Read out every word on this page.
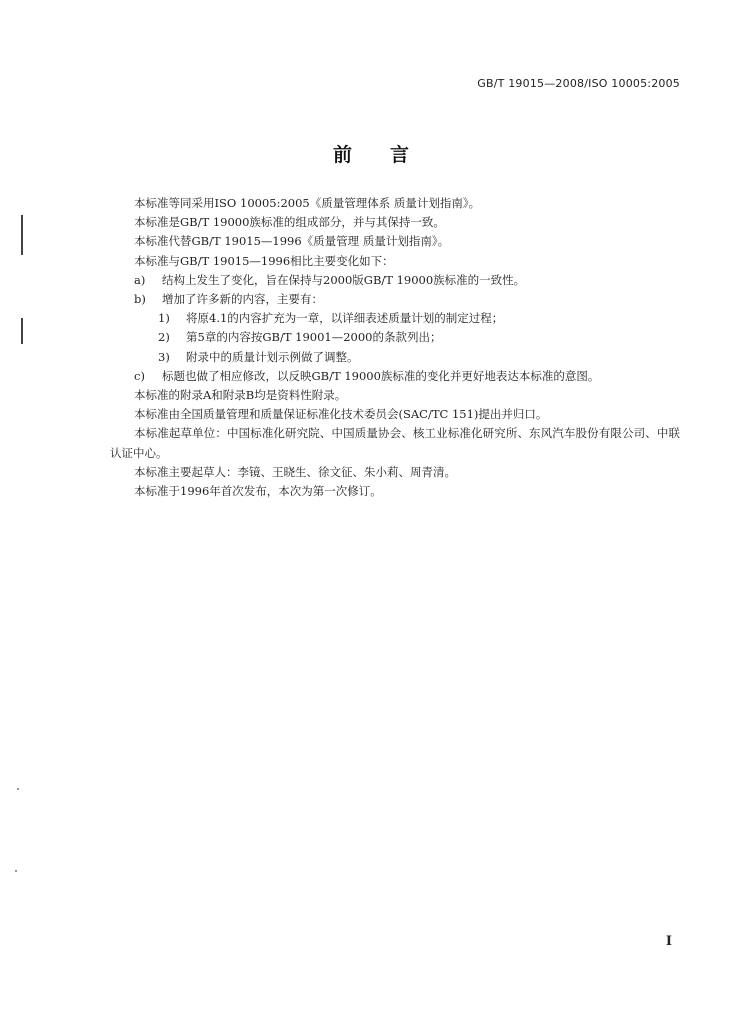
GB/T 19015—2008/ISO 10005:2005
前言

本标准等同采用ISO 10005:2005《质量管理体系 质量计划指南》。

本标准是GB/T 19000族标准的组成部分，并与其保持一致。

本标准代替GB/T 19015—1996《质量管理 质量计划指南》。

本标准与GB/T 19015—1996相比主要变化如下：

a) 结构上发生了变化，旨在保持与2000版GB/T 19000族标准的一致性。

b) 增加了许多新的内容，主要有：

1) 将原4.1的内容扩充为一章，以详细表述质量计划的制定过程；

2) 第5章的内容按GB/T 19001—2000的条款列出；

3) 附录中的质量计划示例做了调整。

c) 标题也做了相应修改，以反映GB/T 19000族标准的变化并更好地表达本标准的意图。

本标准的附录A和附录B均是资料性附录。

本标准由全国质量管理和质量保证标准化技术委员会(SAC/TC 151)提出并归口。

本标准起草单位：中国标准化研究院、中国质量协会、核工业标准化研究所、东风汽车股份有限公司、中联认证中心。

本标准主要起草人：李镜、王晓生、徐文征、朱小莉、周青清。

本标准于1996年首次发布，本次为第一次修订。

I
